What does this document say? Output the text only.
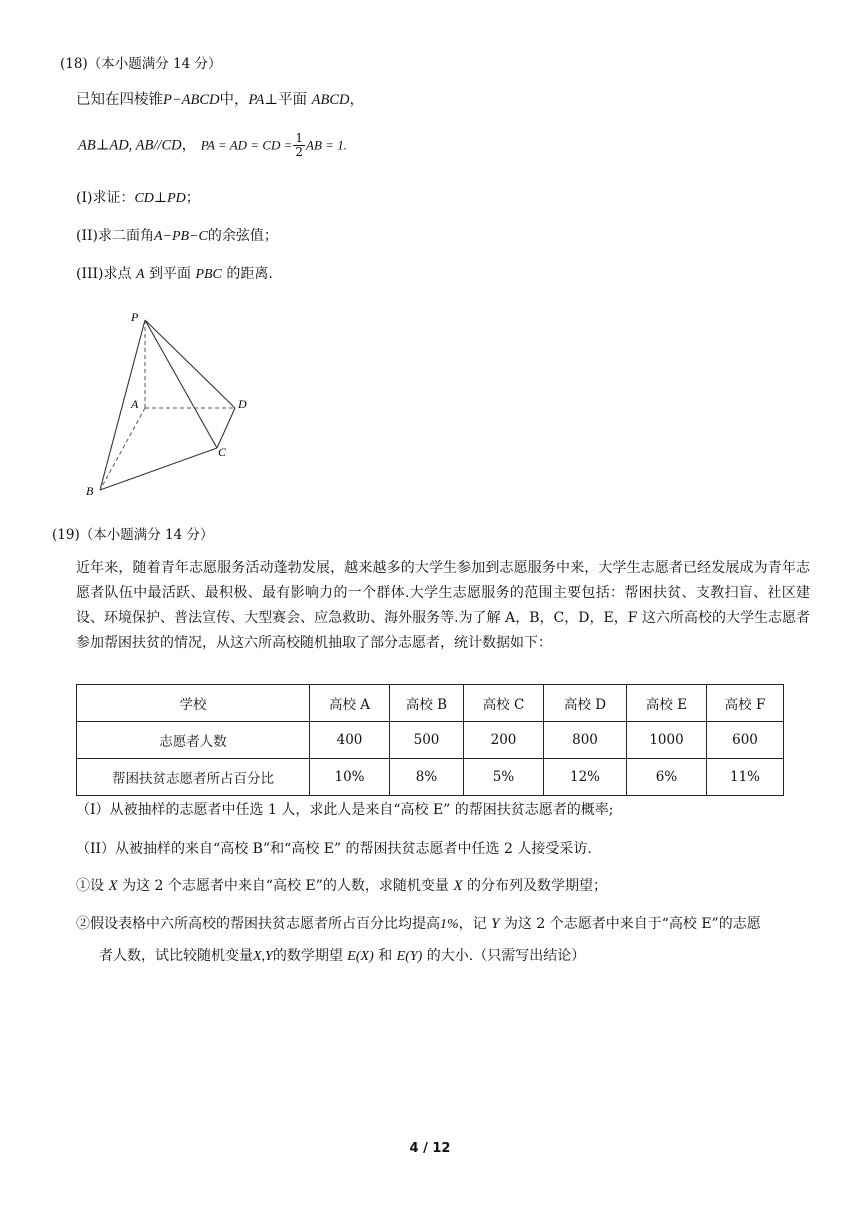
(18)（本小题满分 14 分）
已知在四棱锥P−ABCD中，PA⊥平面 ABCD，
AB⊥AD, AB//CD， PA = AD = CD = $\frac{1}{2}$ AB = 1.
(I)求证：CD⊥PD；
(II)求二面角A−PB−C的余弦值；
(III)求点 A 到平面 PBC 的距离.
P
A	D
C
B
(19)（本小题满分 14 分）
近年来，随着青年志愿服务活动蓬勃发展，越来越多的大学生参加到志愿服务中来，大学生志愿者已经发展成为青年志愿者队伍中最活跃、最积极、最有影响力的一个群体.大学生志愿服务的范围主要包括：帮困扶贫、支教扫盲、社区建设、环境保护、普法宣传、大型赛会、应急救助、海外服务等.为了解 A，B，C，D，E，F 这六所高校的大学生志愿者参加帮困扶贫的情况，从这六所高校随机抽取了部分志愿者，统计数据如下：
学校	高校 A	高校 B	高校 C	高校 D	高校 E	高校 F
志愿者人数	400	500	200	800	1000	600
帮困扶贫志愿者所占百分比	10%	8%	5%	12%	6%	11%
（I）从被抽样的志愿者中任选 1 人，求此人是来自“高校 E” 的帮困扶贫志愿者的概率;
（II）从被抽样的来自“高校 B”和“高校 E” 的帮困扶贫志愿者中任选 2 人接受采访.
①设 X 为这 2 个志愿者中来自“高校 E”的人数，求随机变量 X 的分布列及数学期望；
②假设表格中六所高校的帮困扶贫志愿者所占百分比均提高1%，记 Y 为这 2 个志愿者中来自于“高校 E”的志愿
者人数，试比较随机变量X,Y的数学期望 E(X) 和 E(Y) 的大小.（只需写出结论）
4 / 12
